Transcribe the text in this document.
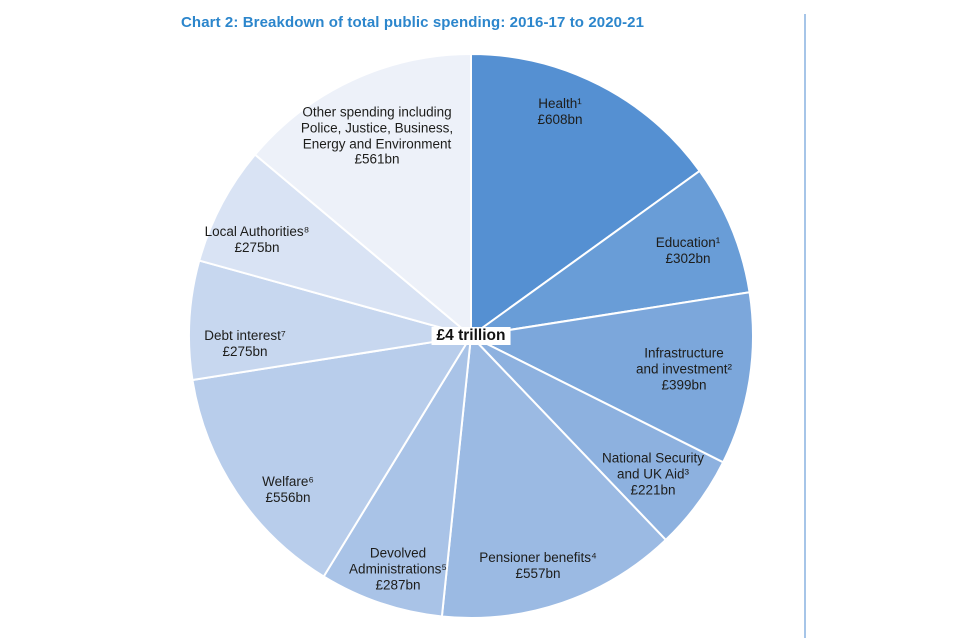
Chart 2: Breakdown of total public spending: 2016-17 to 2020-21
Health¹
£608bn
Education¹
£302bn
Infrastructure
and investment²
£399bn
National Security
and UK Aid³
£221bn
Pensioner benefits⁴
£557bn
Devolved
Administrations⁵
£287bn
Welfare⁶
£556bn
Debt interest⁷
£275bn
Local Authorities⁸
£275bn
Other spending including
Police, Justice, Business,
Energy and Environment
£561bn
£4 trillion
